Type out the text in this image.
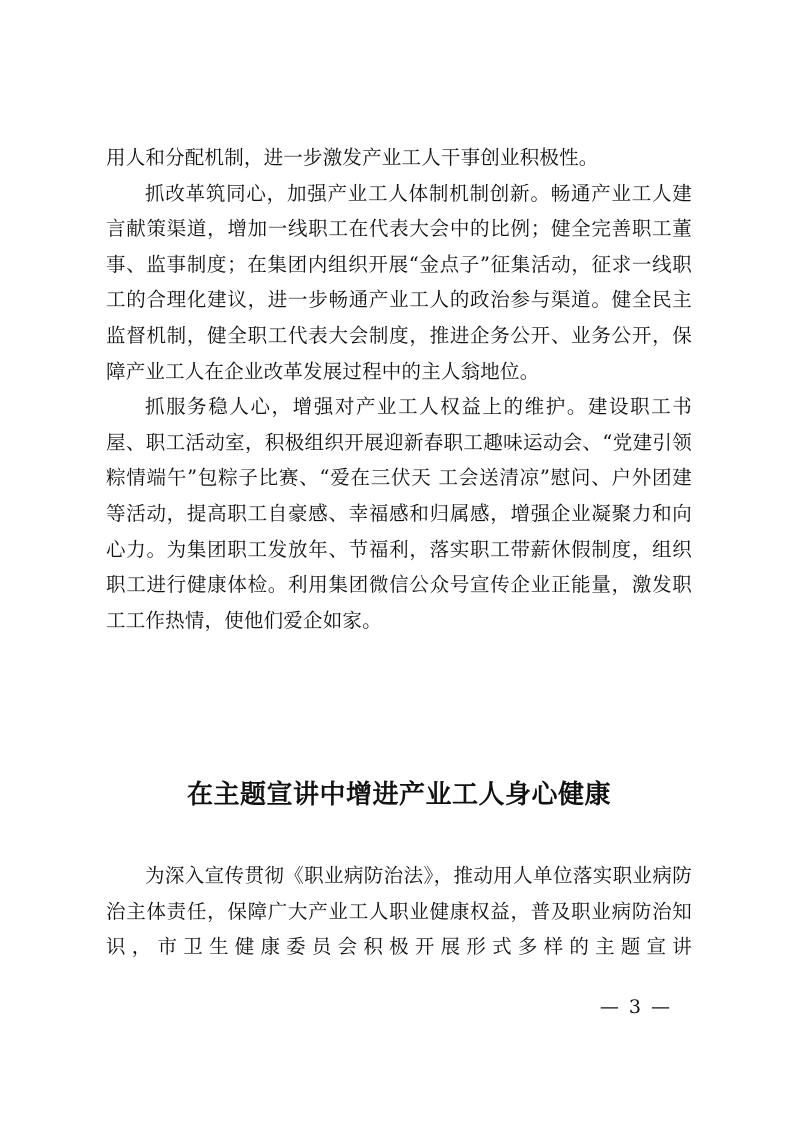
用人和分配机制，进一步激发产业工人干事创业积极性。

抓改革筑同心，加强产业工人体制机制创新。畅通产业工人建言献策渠道，增加一线职工在代表大会中的比例；健全完善职工董事、监事制度；在集团内组织开展“金点子”征集活动，征求一线职工的合理化建议，进一步畅通产业工人的政治参与渠道。健全民主监督机制，健全职工代表大会制度，推进企务公开、业务公开，保障产业工人在企业改革发展过程中的主人翁地位。

抓服务稳人心，增强对产业工人权益上的维护。建设职工书屋、职工活动室，积极组织开展迎新春职工趣味运动会、“党建引领 粽情端午”包粽子比赛、“爱在三伏天 工会送清凉”慰问、户外团建等活动，提高职工自豪感、幸福感和归属感，增强企业凝聚力和向心力。为集团职工发放年、节福利，落实职工带薪休假制度，组织职工进行健康体检。利用集团微信公众号宣传企业正能量，激发职工工作热情，使他们爱企如家。

在主题宣讲中增进产业工人身心健康

为深入宣传贯彻《职业病防治法》，推动用人单位落实职业病防治主体责任，保障广大产业工人职业健康权益，普及职业病防治知识，市卫生健康委员会积极开展形式多样的主题宣讲

— 3 —
